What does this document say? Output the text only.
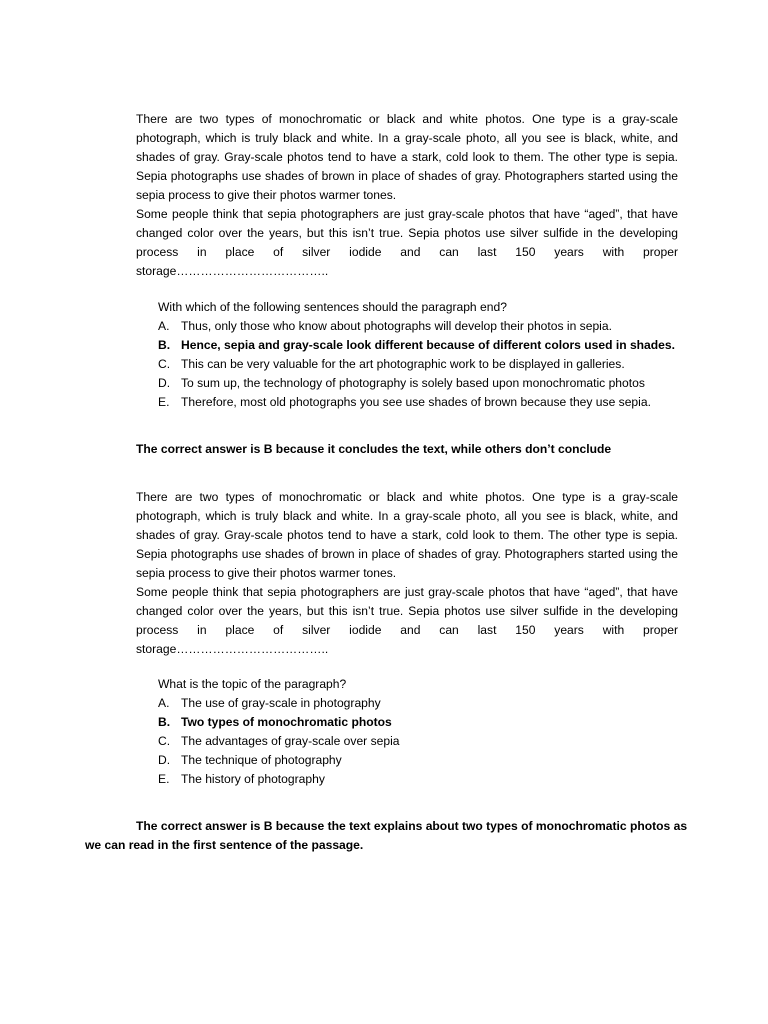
There are two types of monochromatic or black and white photos. One type is a gray-scale photograph, which is truly black and white. In a gray-scale photo, all you see is black, white, and shades of gray. Gray-scale photos tend to have a stark, cold look to them. The other type is sepia. Sepia photographs use shades of brown in place of shades of gray. Photographers started using the sepia process to give their photos warmer tones.

Some people think that sepia photographers are just gray-scale photos that have “aged”, that have changed color over the years, but this isn’t true. Sepia photos use silver sulfide in the developing process in place of silver iodide and can last 150 years with proper storage………………………………..

With which of the following sentences should the paragraph end?

A. Thus, only those who know about photographs will develop their photos in sepia.
B. Hence, sepia and gray-scale look different because of different colors used in shades.
C. This can be very valuable for the art photographic work to be displayed in galleries.
D. To sum up, the technology of photography is solely based upon monochromatic photos
E. Therefore, most old photographs you see use shades of brown because they use sepia.

The correct answer is B because it concludes the text, while others don’t conclude

There are two types of monochromatic or black and white photos. One type is a gray-scale photograph, which is truly black and white. In a gray-scale photo, all you see is black, white, and shades of gray. Gray-scale photos tend to have a stark, cold look to them. The other type is sepia. Sepia photographs use shades of brown in place of shades of gray. Photographers started using the sepia process to give their photos warmer tones.

Some people think that sepia photographers are just gray-scale photos that have “aged”, that have changed color over the years, but this isn’t true. Sepia photos use silver sulfide in the developing process in place of silver iodide and can last 150 years with proper storage………………………………..

What is the topic of the paragraph?

A. The use of gray-scale in photography
B. Two types of monochromatic photos
C. The advantages of gray-scale over sepia
D. The technique of photography
E. The history of photography

The correct answer is B because the text explains about two types of monochromatic photos as we can read in the first sentence of the passage.
